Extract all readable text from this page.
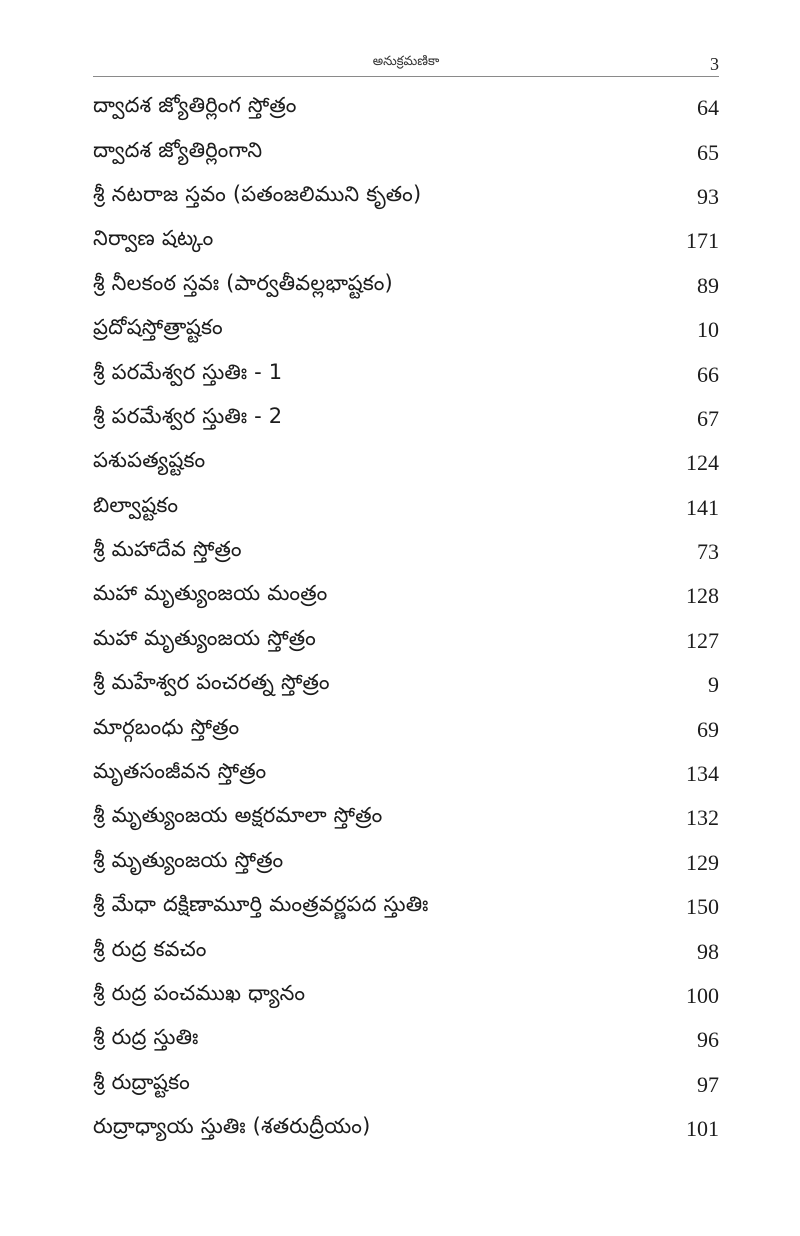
అనుక్రమణికా	3
ద్వాదశ జ్యోతిర్లింగ స్తోత్రం	64
ద్వాదశ జ్యోతిర్లింగాని	65
శ్రీ నటరాజ స్తవం (పతంజలిముని కృతం)	93
నిర్వాణ షట్కం	171
శ్రీ నీలకంఠ స్తవః (పార్వతీవల్లభాష్టకం)	89
ప్రదోషస్తోత్రాష్టకం	10
శ్రీ పరమేశ్వర స్తుతిః - 1	66
శ్రీ పరమేశ్వర స్తుతిః - 2	67
పశుపత్యష్టకం	124
బిల్వాష్టకం	141
శ్రీ మహాదేవ స్తోత్రం	73
మహా మృత్యుంజయ మంత్రం	128
మహా మృత్యుంజయ స్తోత్రం	127
శ్రీ మహేశ్వర పంచరత్న స్తోత్రం	9
మార్గబంధు స్తోత్రం	69
మృతసంజీవన స్తోత్రం	134
శ్రీ మృత్యుంజయ అక్షరమాలా స్తోత్రం	132
శ్రీ మృత్యుంజయ స్తోత్రం	129
శ్రీ మేధా దక్షిణామూర్తి మంత్రవర్ణపద స్తుతిః	150
శ్రీ రుద్ర కవచం	98
శ్రీ రుద్ర పంచముఖ ధ్యానం	100
శ్రీ రుద్ర స్తుతిః	96
శ్రీ రుద్రాష్టకం	97
రుద్రాధ్యాయ స్తుతిః (శతరుద్రీయం)	101
